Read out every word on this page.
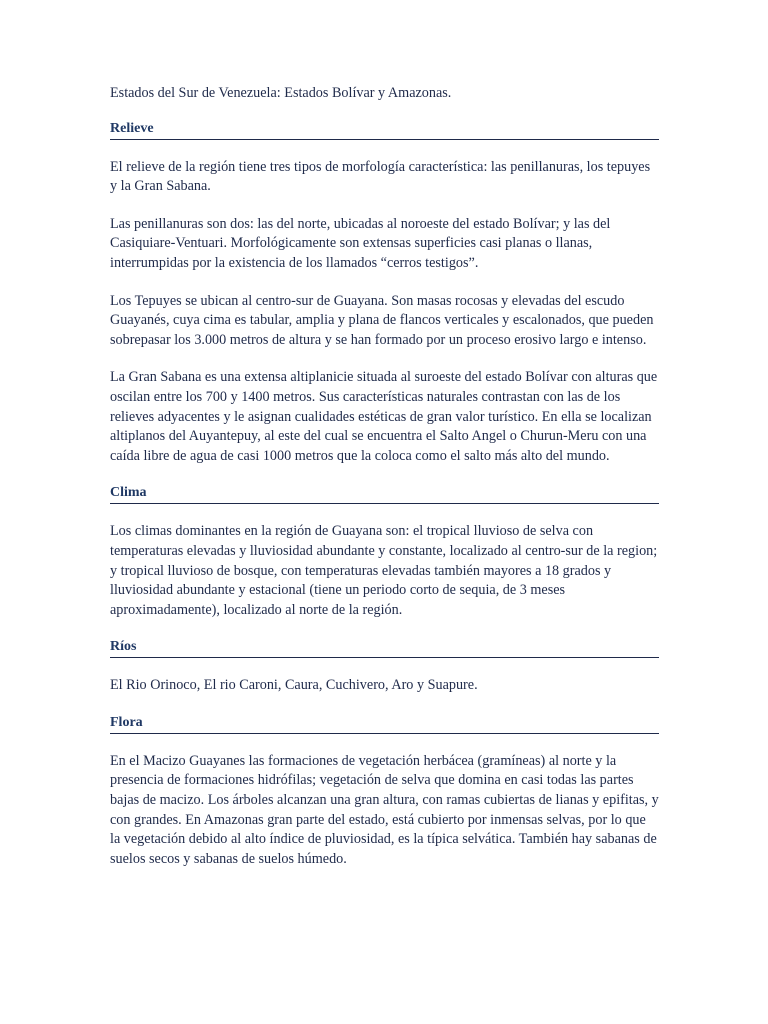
Estados del Sur de Venezuela: Estados Bolívar y Amazonas.

Relieve

El relieve de la región tiene tres tipos de morfología característica: las penillanuras, los tepuyes y la Gran Sabana.

Las penillanuras son dos: las del norte, ubicadas al noroeste del estado Bolívar; y las del Casiquiare-Ventuari. Morfológicamente son extensas superficies casi planas o llanas, interrumpidas por la existencia de los llamados “cerros testigos”.

Los Tepuyes se ubican al centro-sur de Guayana. Son masas rocosas y elevadas del escudo Guayanés, cuya cima es tabular, amplia y plana de flancos verticales y escalonados, que pueden sobrepasar los 3.000 metros de altura y se han formado por un proceso erosivo largo e intenso.

La Gran Sabana es una extensa altiplanicie situada al suroeste del estado Bolívar con alturas que oscilan entre los 700 y 1400 metros. Sus características naturales contrastan con las de los relieves adyacentes y le asignan cualidades estéticas de gran valor turístico. En ella se localizan altiplanos del Auyantepuy, al este del cual se encuentra el Salto Angel o Churun-Meru con una caída libre de agua de casi 1000 metros que la coloca como el salto más alto del mundo.

Clima

Los climas dominantes en la región de Guayana son: el tropical lluvioso de selva con temperaturas elevadas y lluviosidad abundante y constante, localizado al centro-sur de la region; y tropical lluvioso de bosque, con temperaturas elevadas también mayores a 18 grados y lluviosidad abundante y estacional (tiene un periodo corto de sequia, de 3 meses aproximadamente), localizado al norte de la región.

Ríos

El Rio Orinoco, El rio Caroni, Caura, Cuchivero, Aro y Suapure.

Flora

En el Macizo Guayanes las formaciones de vegetación herbácea (gramíneas) al norte y la presencia de formaciones hidrófilas; vegetación de selva que domina en casi todas las partes bajas de macizo. Los árboles alcanzan una gran altura, con ramas cubiertas de lianas y epifitas, y con grandes. En Amazonas gran parte del estado, está cubierto por inmensas selvas, por lo que la vegetación debido al alto índice de pluviosidad, es la típica selvática. También hay sabanas de suelos secos y sabanas de suelos húmedo.
